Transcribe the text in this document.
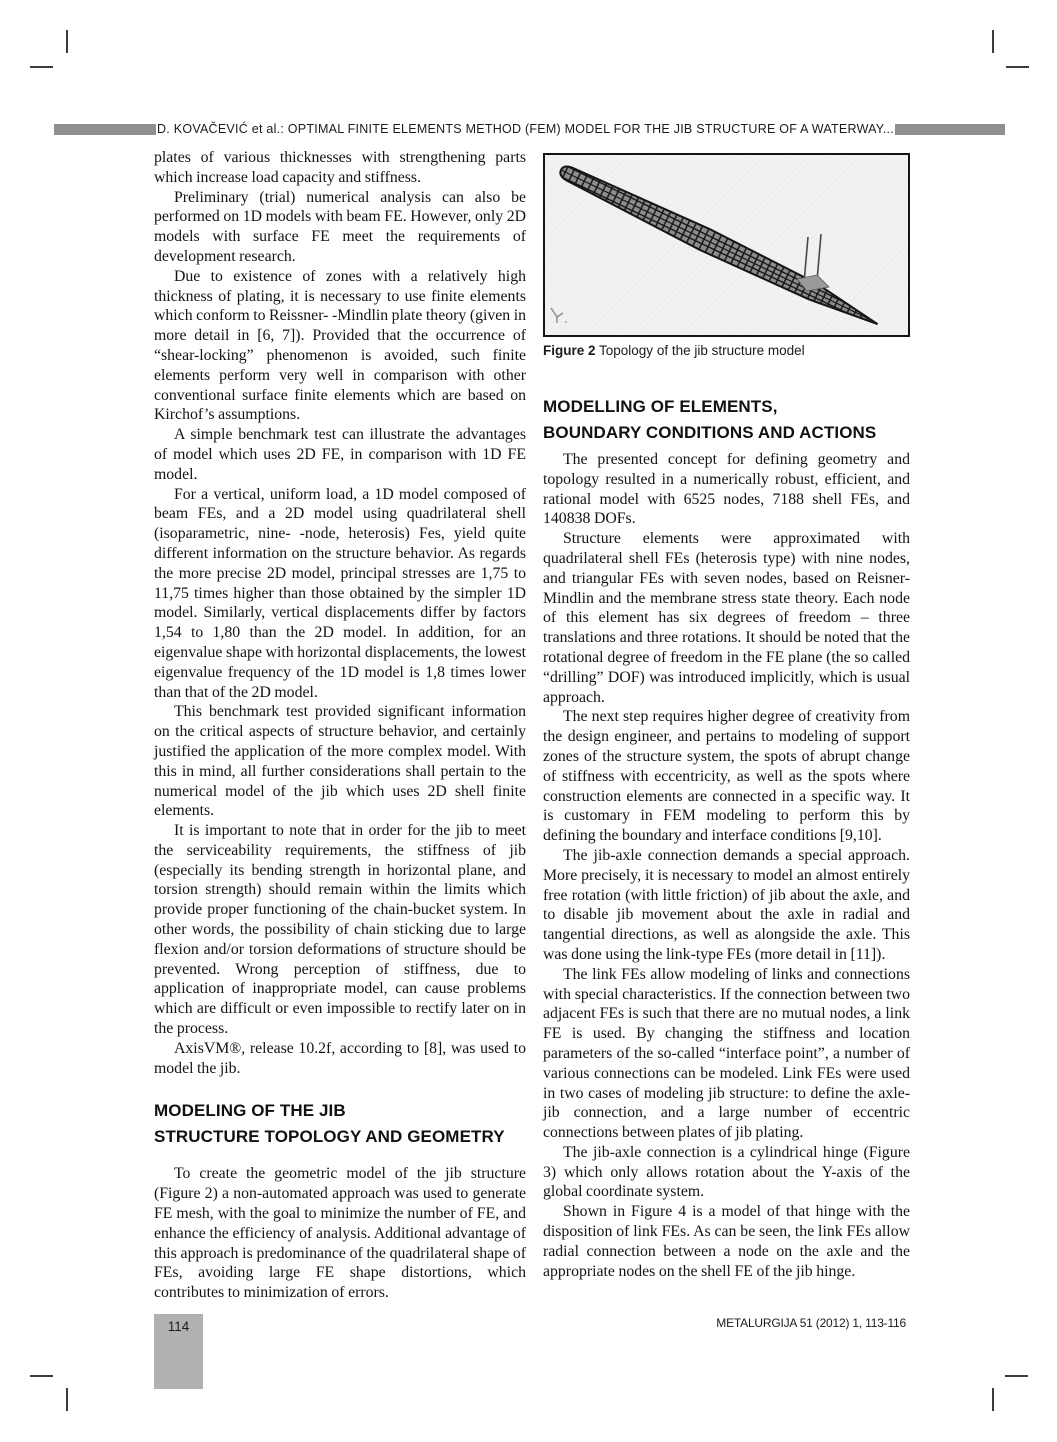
D. KOVAČEVIĆ et al.: OPTIMAL FINITE ELEMENTS METHOD (FEM) MODEL FOR THE JIB STRUCTURE OF A WATERWAY...

plates of various thicknesses with strengthening parts which increase load capacity and stiffness.

Preliminary (trial) numerical analysis can also be performed on 1D models with beam FE. However, only 2D models with surface FE meet the requirements of development research.

Due to existence of zones with a relatively high thickness of plating, it is necessary to use finite elements which conform to Reissner- -Mindlin plate theory (given in more detail in [6, 7]). Provided that the occurrence of “shear-locking” phenomenon is avoided, such finite elements perform very well in comparison with other conventional surface finite elements which are based on Kirchof’s assumptions.

A simple benchmark test can illustrate the advantages of model which uses 2D FE, in comparison with 1D FE model.

For a vertical, uniform load, a 1D model composed of beam FEs, and a 2D model using quadrilateral shell (isoparametric, nine- -node, heterosis) Fes, yield quite different information on the structure behavior. As regards the more precise 2D model, principal stresses are 1,75 to 11,75 times higher than those obtained by the simpler 1D model. Similarly, vertical displacements differ by factors 1,54 to 1,80 than the 2D model. In addition, for an eigenvalue shape with horizontal displacements, the lowest eigenvalue frequency of the 1D model is 1,8 times lower than that of the 2D model.

This benchmark test provided significant information on the critical aspects of structure behavior, and certainly justified the application of the more complex model. With this in mind, all further considerations shall pertain to the numerical model of the jib which uses 2D shell finite elements.

It is important to note that in order for the jib to meet the serviceability requirements, the stiffness of jib (especially its bending strength in horizontal plane, and torsion strength) should remain within the limits which provide proper functioning of the chain-bucket system. In other words, the possibility of chain sticking due to large flexion and/or torsion deformations of structure should be prevented. Wrong perception of stiffness, due to application of inappropriate model, can cause problems which are difficult or even impossible to rectify later on in the process.

AxisVM®, release 10.2f, according to [8], was used to model the jib.

MODELING OF THE JIB
STRUCTURE TOPOLOGY AND GEOMETRY

To create the geometric model of the jib structure (Figure 2) a non-automated approach was used to generate FE mesh, with the goal to minimize the number of FE, and enhance the efficiency of analysis. Additional advantage of this approach is predominance of the quadrilateral shape of FEs, avoiding large FE shape distortions, which contributes to minimization of errors.

Figure 2 Topology of the jib structure model
MODELLING OF ELEMENTS,
BOUNDARY CONDITIONS AND ACTIONS

The presented concept for defining geometry and topology resulted in a numerically robust, efficient, and rational model with 6525 nodes, 7188 shell FEs, and 140838 DOFs.

Structure elements were approximated with quadrilateral shell FEs (heterosis type) with nine nodes, and triangular FEs with seven nodes, based on Reisner-Mindlin and the membrane stress state theory. Each node of this element has six degrees of freedom – three translations and three rotations. It should be noted that the rotational degree of freedom in the FE plane (the so called “drilling” DOF) was introduced implicitly, which is usual approach.

The next step requires higher degree of creativity from the design engineer, and pertains to modeling of support zones of the structure system, the spots of abrupt change of stiffness with eccentricity, as well as the spots where construction elements are connected in a specific way. It is customary in FEM modeling to perform this by defining the boundary and interface conditions [9,10].

The jib-axle connection demands a special approach. More precisely, it is necessary to model an almost entirely free rotation (with little friction) of jib about the axle, and to disable jib movement about the axle in radial and tangential directions, as well as alongside the axle. This was done using the link-type FEs (more detail in [11]).

The link FEs allow modeling of links and connections with special characteristics. If the connection between two adjacent FEs is such that there are no mutual nodes, a link FE is used. By changing the stiffness and location parameters of the so-called “interface point”, a number of various connections can be modeled. Link FEs were used in two cases of modeling jib structure: to define the axle-jib connection, and a large number of eccentric connections between plates of jib plating.

The jib-axle connection is a cylindrical hinge (Figure 3) which only allows rotation about the Y-axis of the global coordinate system.

Shown in Figure 4 is a model of that hinge with the disposition of link FEs. As can be seen, the link FEs allow radial connection between a node on the axle and the appropriate nodes on the shell FE of the jib hinge.

114	METALURGIJA 51 (2012) 1, 113-116
